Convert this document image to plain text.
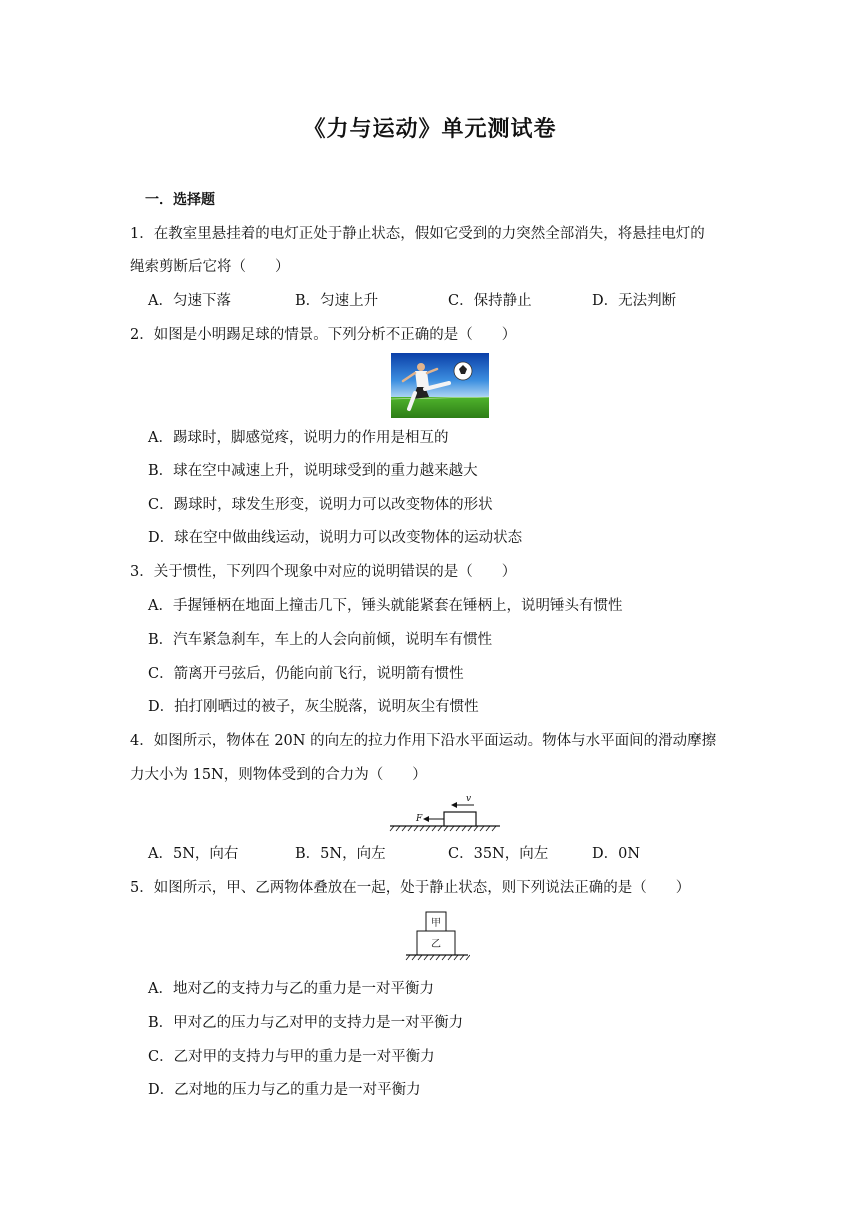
《力与运动》单元测试卷
一．选择题
1．在教室里悬挂着的电灯正处于静止状态，假如它受到的力突然全部消失，将悬挂电灯的
绳索剪断后它将（　　）
A．匀速下落	B．匀速上升	C．保持静止	D．无法判断
2．如图是小明踢足球的情景。下列分析不正确的是（　　）
A．踢球时，脚感觉疼，说明力的作用是相互的
B．球在空中减速上升，说明球受到的重力越来越大
C．踢球时，球发生形变，说明力可以改变物体的形状
D．球在空中做曲线运动，说明力可以改变物体的运动状态
3．关于惯性，下列四个现象中对应的说明错误的是（　　）
A．手握锤柄在地面上撞击几下，锤头就能紧套在锤柄上，说明锤头有惯性
B．汽车紧急刹车，车上的人会向前倾，说明车有惯性
C．箭离开弓弦后，仍能向前飞行，说明箭有惯性
D．拍打刚晒过的被子，灰尘脱落，说明灰尘有惯性
4．如图所示，物体在 20N 的向左的拉力作用下沿水平面运动。物体与水平面间的滑动摩擦
力大小为 15N，则物体受到的合力为（　　）
F
v
A．5N，向右	B．5N，向左	C．35N，向左	D．0N
5．如图所示，甲、乙两物体叠放在一起，处于静止状态，则下列说法正确的是（　　）
甲
乙
A．地对乙的支持力与乙的重力是一对平衡力
B．甲对乙的压力与乙对甲的支持力是一对平衡力
C．乙对甲的支持力与甲的重力是一对平衡力
D．乙对地的压力与乙的重力是一对平衡力
